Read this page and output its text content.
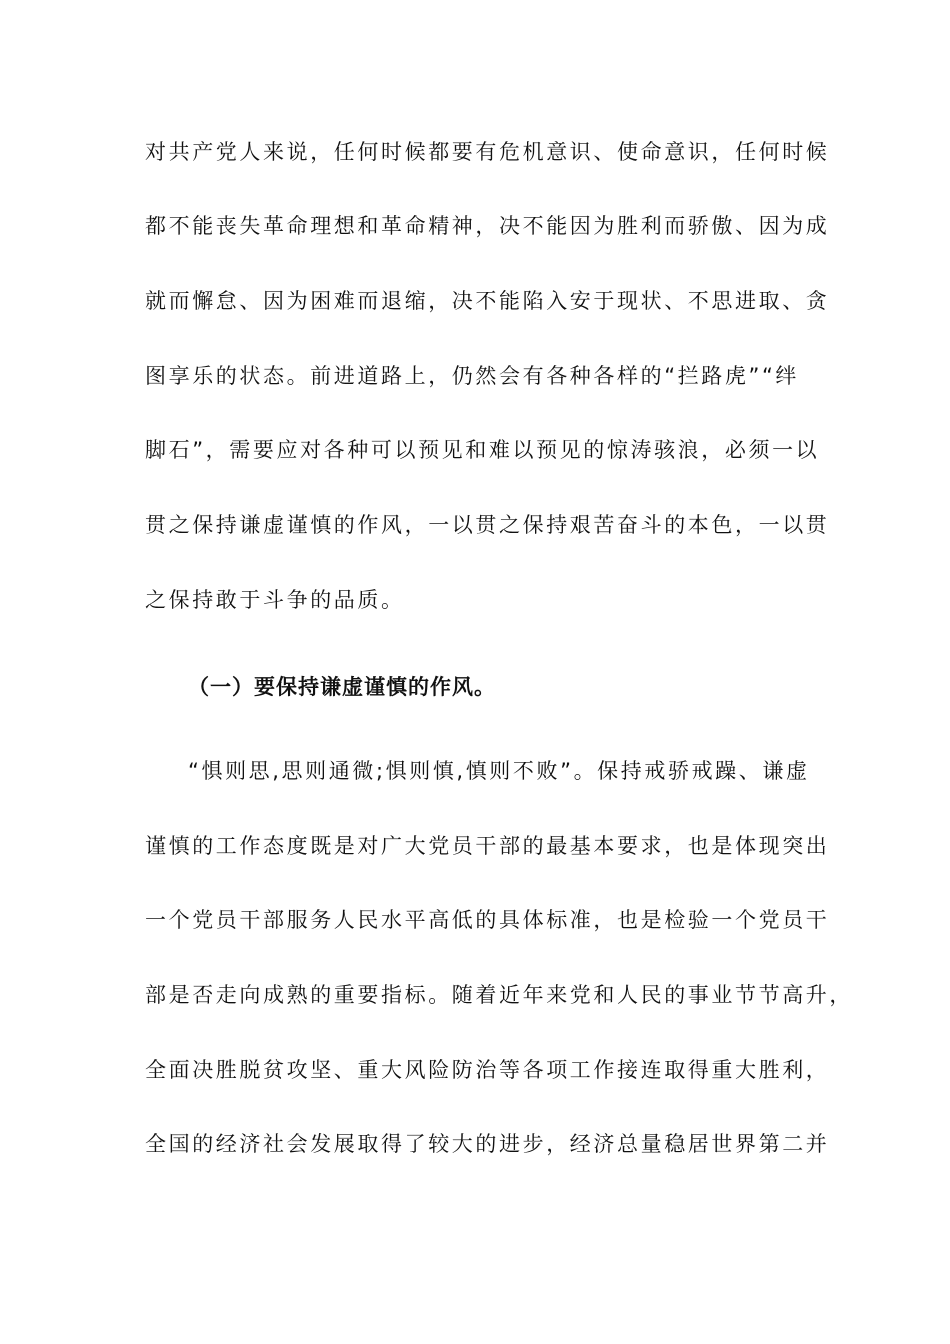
对共产党人来说，任何时候都要有危机意识、使命意识，任何时候
都不能丧失革命理想和革命精神，决不能因为胜利而骄傲、因为成
就而懈怠、因为困难而退缩，决不能陷入安于现状、不思进取、贪
图享乐的状态。前进道路上，仍然会有各种各样的“拦路虎”“绊
脚石”，需要应对各种可以预见和难以预见的惊涛骇浪，必须一以
贯之保持谦虚谨慎的作风，一以贯之保持艰苦奋斗的本色，一以贯
之保持敢于斗争的品质。
（一）要保持谦虚谨慎的作风。
“惧则思,思则通微;惧则慎,慎则不败”。保持戒骄戒躁、谦虚
谨慎的工作态度既是对广大党员干部的最基本要求，也是体现突出
一个党员干部服务人民水平高低的具体标准，也是检验一个党员干
部是否走向成熟的重要指标。随着近年来党和人民的事业节节高升，
全面决胜脱贫攻坚、重大风险防治等各项工作接连取得重大胜利，
全国的经济社会发展取得了较大的进步，经济总量稳居世界第二并
